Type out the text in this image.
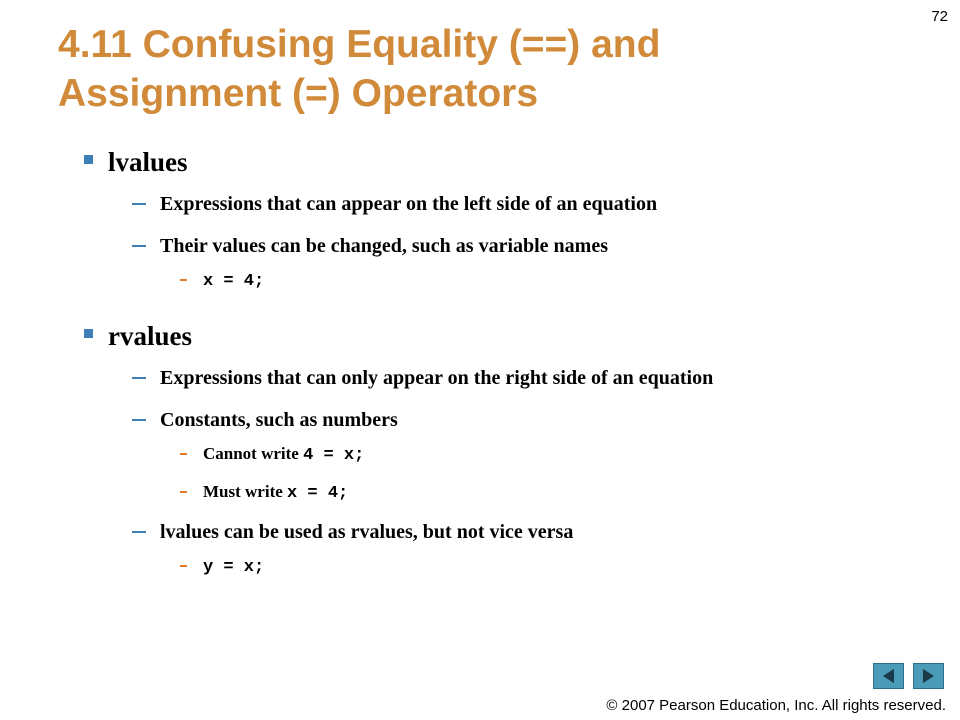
72
4.11 Confusing Equality (==) and
Assignment (=) Operators
lvalues
Expressions that can appear on the left side of an equation
Their values can be changed, such as variable names
x = 4;
rvalues
Expressions that can only appear on the right side of an equation
Constants, such as numbers
Cannot write 4 = x;
Must write x = 4;
lvalues can be used as rvalues, but not vice versa
y = x;
© 2007 Pearson Education, Inc. All rights reserved.
